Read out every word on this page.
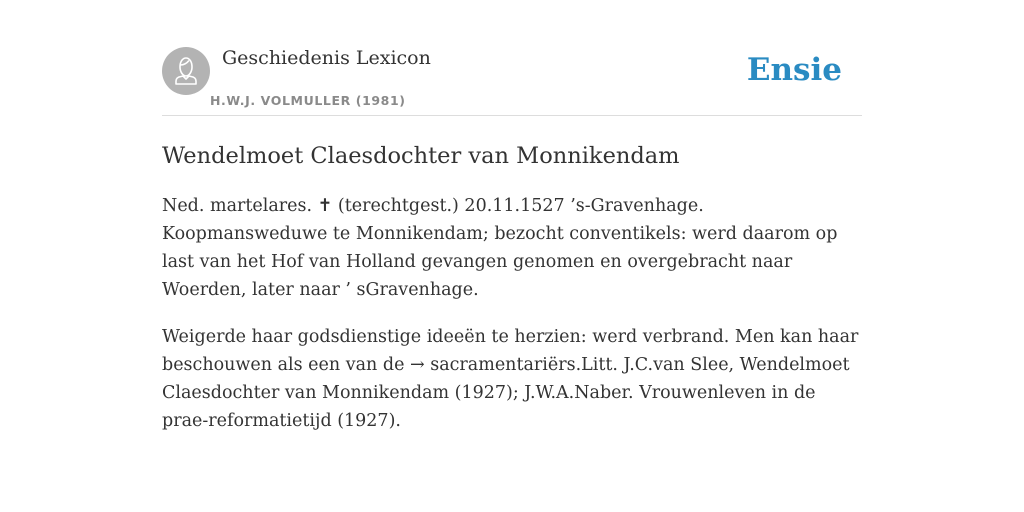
Geschiedenis Lexicon
H.W.J. VOLMULLER (1981)
Ensie
Wendelmoet Claesdochter van Monnikendam

Ned. martelares. ✝ (terechtgest.) 20.11.1527 ’s-Gravenhage. Koopmansweduwe te Monnikendam; bezocht conventikels: werd daarom op last van het Hof van Holland gevangen genomen en overgebracht naar Woerden, later naar ’ sGravenhage.

Weigerde haar godsdienstige ideeën te herzien: werd verbrand. Men kan haar beschouwen als een van de → sacramentariërs.Litt. J.C.van Slee, Wendelmoet Claesdochter van Monnikendam (1927); J.W.A.Naber. Vrouwenleven in de prae-reformatietijd (1927).
